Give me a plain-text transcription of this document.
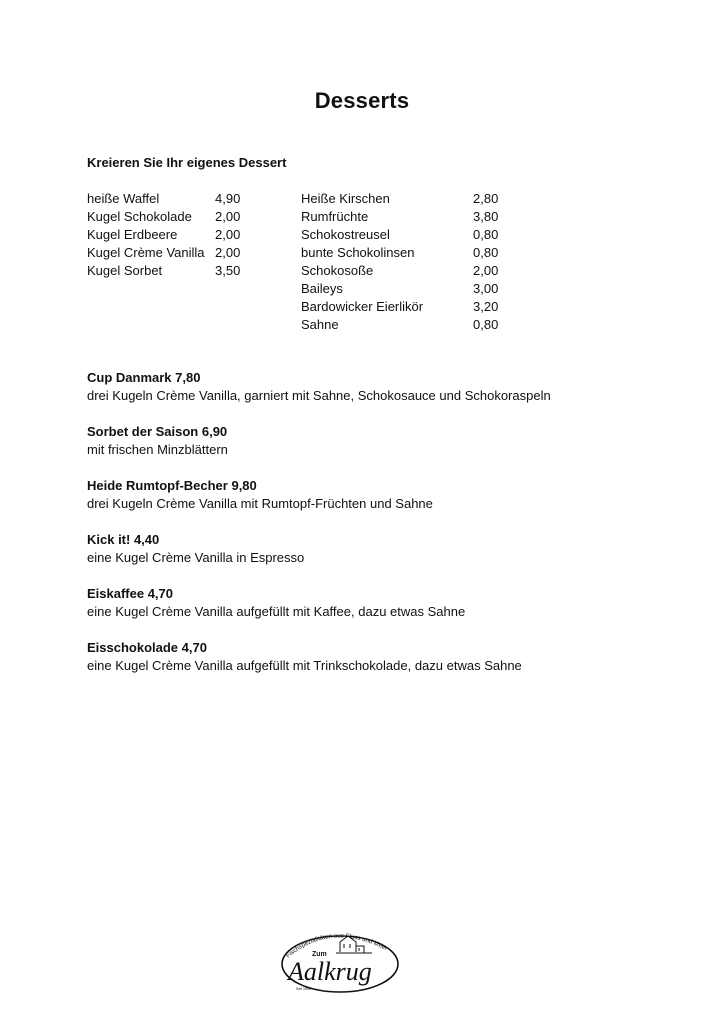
Desserts
Kreieren Sie Ihr eigenes Dessert
heiße Waffel	4,90
Kugel Schokolade 2,00
Kugel Erdbeere	2,00
Kugel Crème Vanilla 2,00
Kugel Sorbet	3,50
Heiße Kirschen	2,80
Rumfrüchte	3,80
Schokostreusel	0,80
bunte Schokolinsen	0,80
Schokosoße	2,00
Baileys	3,00
Bardowicker Eierlikör	3,20
Sahne	0,80
Cup Danmark 7,80
drei Kugeln Crème Vanilla, garniert mit Sahne, Schokosauce und Schokoraspeln
Sorbet der Saison 6,90
mit frischen Minzblättern
Heide Rumtopf-Becher 9,80
drei Kugeln Crème Vanilla mit Rumtopf-Früchten und Sahne
Kick it! 4,40
eine Kugel Crème Vanilla in Espresso
Eiskaffee 4,70
eine Kugel Crème Vanilla aufgefüllt mit Kaffee, dazu etwas Sahne
Eisschokolade 4,70
eine Kugel Crème Vanilla aufgefüllt mit Trinkschokolade, dazu etwas Sahne
Fischspezialitäten aus Fluss und Meer
Zum
Aalkrug
Seit 1996
